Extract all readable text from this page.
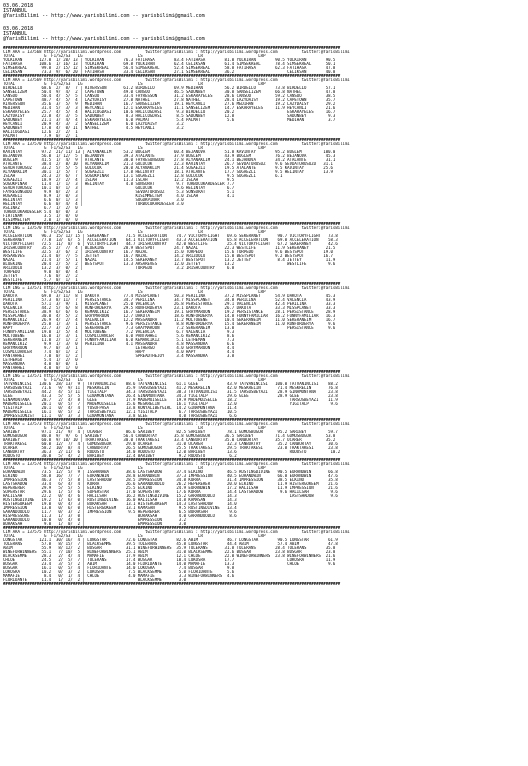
03.06.2018
ISTANBUL
@YarisBilimi -- http://www.yarisbilimi.com -- yarisbilimi@gmail.com
03.06.2018
ISTANBUL
@YarisBilimi -- http://www.yarisbilimi.com -- yarisbilimi@gmail.com
############################################################################################################################################
CIM ARA = 137568 http://yarisbilimi.wordpress.com          twitter:@YarisBilimi : http://yarisbilimi.wordpress.com          twitter:@YarisBilimi
TOTAL            G  F1/S2/S3   LG                       LS                       LR                       LRP
YOLKIRAN       127.0  1/ 20/ 13 | YOLKIRAN        76.3 FATIHASA        83.4 FATIHASA        81.0 YOLKIRAN        90.5 YOLKIRAN        90.5
FATIHASA       108.6  1/ 16/ 13 | YOLKIRAN        69.8 YOLKIRAN        62.4 CELIKSAN        61.4 SIMSEKREAL      78.4 SIMSEKREAL      50.1
SIMSEKREAL      99.8  2/ 15/ 12 | SIMSEKREAL      56.4 SIMSEKREAL      52.4 SIMSEKREAL      58.8 FATIHASA        62.3 FATIHASA        47.8
CELIKSAN        73.3  9/  6/ 20 | FATIHASA        33.4 CELIKSAN        27.1 SIMSEKREAL      36.2                      CELIKSAN        40.8
############################################################################################################################################
CIM ARA = 137569 http://yarisbilimi.wordpress.com          twitter:@YarisBilimi : http://yarisbilimi.wordpress.com          twitter:@YarisBilimi
TOTAL            G  F1/S2/S3   LG                       LS                       LR                       LRP
BIRDELLO        68.6  2/  8/  7 | RIVERSSON       61.2 BIRDELLO        69.9 MEDIHAN         56.2 BIRDELLO        73.8 BIRDELLO        57.1
SANSELIZEM      50.4  9/  4/  2 | CAPETOWN        49.0 CANSUO          46.5 SADUNBEY        30.8 SANSELIZEM      66.8 NATHEL          47.8
CANSUO          50.4  4/  5/  5 | CANSUO          33.4 FAYRESSON       31.2 ESKARAYELES     28.6 CANSUO          59.2 CANSUO          38.5
CAPETOWN        48.7  4/  5/  4 | LAZYDAISY       27.8 NATHEL          27.8 NATHEL          28.4 LAZYDAISY       19.2 CAPETOWN        35.7
RIVERSSON       35.6  3/  5/  9 | MEDIHAN         16.7 SANSELIZEM      19.1 HEYCANLI        27.6 MEDIHAN         19.2 LAZYDAISY       29.2
MEDIHAN         31.4  5/  3/  3 | HEYCANLI        12.1 ESKARAYELES     11.1 SANSELIZEM      14.7 ESKARAYELES     11.9 HEYCANLI        21.6
ESKARAYELES     25.7  4/  5/  4 | HALICOGDASI     10.6 HALICOGDASI      9.3 BIRDELLO        20.2                      ESKARAYELES     16.7
LAZYDAISY       22.8  4/  3/  5 | SADUNBEY         8.3 HALICOGDASI      8.5 SADUNBEY        12.8                      SADUNBEY         9.3
SADUNBEY        21.1  3/  4/  4 | ESKARAYELES      6.0 PALMAT           5.4 PALMAT           5.6                      MEDIHAN          3.7
HEYCANLI        20.9  4/  3/  2 | SANSELIZEM       6.0 LAZYDAISY        3.2
SADUNBEY        17.0  4/  0/ 11 | NATHEL           4.5 HEYCANLI         3.2
HALICOGDASI     12.6  2/  2/  1
PALMAT           7.9  0/  2/  1
############################################################################################################################################
CIM ARA = 137570 http://yarisbilimi.wordpress.com          twitter:@YarisBilimi : http://yarisbilimi.wordpress.com          twitter:@YarisBilimi
TOTAL            G  F1/S2/S3   LG                       LS                       LR                       LRP
KAVINTAY        97.2  21/ 11/ 13 | ALYANAKLIM     53.2 BUGLEM          60.4 BEJANOVA        51.8 KAVINTAY        95.2 BUGLEM         100.0
BEJANOVA        56.0  1/ 12/  5 | BEJANOVA        39.3 ATALANTE        37.9 BUGLEM          43.9 BUGLEM          76.2 BEJANOVA        45.3
BUGLEM          41.5  1/  4/  9 | ATALANTE        38.0 FAYRESUNGUDU    27.8 ALYANAKLIM      24.1 BEJANOVA        34.2 ATALANTE        31.1
ATALANTE        38.4  2/  8/ 10 | ALYANAKLIM      21.3 GULUCUK         22.3 KAVINTAY        26.7 SEVDATURUSUZ    9.6 SEVDATURUSUZU   31.1
SEVDATURUSUZ    33.2  5/  5/  5 | GULUCUK         20.0 ALYANAKLIM      21.4 SUGAEZLI        19.5 ATALANTE        9.5 KAVINTAY        25.6
ALYANAKLIM      30.1  1/  5/  7 | SUGAEZLI        17.8 HELINTAY        18.1 ATALANTE        17.7 SUGAEZLI        9.5 HELINTAY        13.9
ISLAH           24.3  2/  6/  7 | SOGUKPINAR      13.1 SUGAEZLI        12.8 GULUCUK          9.5 SUGAEZLI        6.1
SUGAEZLI        18.9  2/  2/  4 | ISLAH           11.3 ISLAH           12.2 ISLAH            9.5
SOGUKPINAR      11.4  1/  1/  3 | HELINTAY         4.8 SONSURAT         9.7 TURBOCUKARDESLER 7.7
SEVDATURUSUZ    10.1  0/  1/  3 |                      GULUCUK          9.6 HELINTAY         6.7
FAYRESUNGUDU     9.9  0/  2/  3 |                      SEVDATURUSUZ     5.3 SONSURAT         5.1
HUGARELI         8.9  1/  0/  3 |                      KISIMMELTEM      4.0 ISLAH            4.1
HELINTAY         6.6  0/  1/  3 |                      SOGUKPINAR       3.0
HELINTAY         6.6  0/  4/  4 |                      TURBOCUKARDESLER 3.0
ASLINAZ          6.7  1/  2/  0
TURBOCUKARDESLER 5.4  0/  0/  3
FIRTINAM         3.5  1/  0/  0
KISIMMELTEM      2.0  1/  0/  0
############################################################################################################################################
CIM ING = 137570 http://yarisbilimi.wordpress.com          twitter:@YarisBilimi : http://yarisbilimi.wordpress.com          twitter:@YarisBilimi
TOTAL            G  F1/S2/S3   LG                       LS                       LR                       LRP
ACCELERATION    96.3  15/ 12/ 15 | SEKERANEY       71.5 ACCELERATION    74.7 VICTORYFLIGHT   69.6 SEKERANEY       90.7 VICTORYFLIGHT   73.8
SEKERANEY       77.8  13/  6/  5 | ACCELERATION    64.1 VICTORYFLIGHT   43.3 ACCELERATION    65.8 ACCELERATION    69.0 ACCELERATION    58.3
VICTORYFLIGHT   72.5  11/  8/  6 | VICTORYFLIGHT   44.7 IRISHCOUNTRY    42.0 WESTLIFE        25.4 VICTORYFLIGHT   67.2 SEKERANEY       42.6
IRISHCOUNTRY    35.5  2/  7/  4 | BLUEKING        28.9 BESTSPOT        24.7 NAZAL           22.3 WESTLIFE        11.9 SEKERANEY       21.5
WESTLIFE        32.5  3/  6/  2 | IRISHCOUNTRY    16.7 NAZAL           15.0 TORPEDO         15.6 TORPEDO         9.6 BESTSPOT        19.0
ARSAREVES       21.4  0/  7/  5 | JETTEY          16.7 NAZAL           14.2 ARIZOOLU        15.0 BESTSPOT        9.2 BESTSPOT        16.7
NAZAL           21.4  1/  5/  1 | NAZAL           14.5 SEKERANEY       13.7 BESTSPOT        13.2 JETTEY           8.4 JETTEY          11.9
BLUEKING        20.4  2/  5/  2 | BESTSPOT        13.3 ARSAREVES       12.0 JETTEY          13.2                      WESTLIFE         9.6
ARIZOOLU        13.2  3/  0/  2 |                      TORPEDO          3.2 IRISHCOUNTRY     6.8
TORPEDO          9.0  0/  0/  4
JETTEY           7.6  0/  2/  2
WESTLIFE         5.7  0/  1/  1
############################################################################################################################################
CIM ING = 137571 http://yarisbilimi.wordpress.com          twitter:@YarisBilimi : http://yarisbilimi.wordpress.com          twitter:@YarisBilimi
TOTAL            G  F1/S2/S3   LG                       LS                       LR                       LRP
DAKOTA          69.8  3/ 11/  8 | DAKOTA          77.4 MISSPLANET      50.3 PERILINA        37.2 MISSPLANET      54.9 DAKOTA          45.3
PERILINA        57.3  8/ 11/  7 | PERSISTANCE     34.7 PERILINA        34.7 MISSPLANET      34.8 PERILINA        52.4 VALENCIA        43.9
DAKOTA          57.1  3/  9/  1 | MISSPLANET      25.0 VALENCIA        26.8 PERSISTANCE     29.1 VALENCIA        42.4 PERILINA        33.3
VALENCIA        44.2  5/  6/  8 | RUNFORDERYA     29.5 RUNFORDERYA     23.1 DAKOTA          26.7 DAKOTA          33.3 MISSPLANET      33.3
PERSISTANCE     38.9  6/  6/  6 | KEMANCIKIZ      16.7 SEKERANEIM      19.1 GRAYMAROON      19.2 PERSISTANCE     28.1 PERSISTANCE     28.9
MISSPLANET      30.0  4/  5/  2 | GRAYMAROON      12.7 DAKOTA          18.6 RUNFORDERYA     14.8 FUNNYFAMILIAR   16.2 FUNNYFAMILIAR   16.3
KEMANCIKIZ      26.9  4/  2/  4 | VALENCIA        12.2 MASSANDRA       11.2 MOLTOBENE       10.4 SEKERANEIM      11.0 SEKERANEIM      16.7
RUNFORDERYA     25.8  1/  3/  1 | PERSISTANCE      9.6 PERSISTANCE      8.8 RUNFORDERYA     15.4 SEKERANEIM      11.0 RUNFORDERYA      9.6
HAPY            22.7  3/  2/  1 | SEKERANEIM       7.3 GRAYMAROON       7.2 SEKERANEIM      13.0                      PERSISTANCE      9.6
FUNNYFAMILIAR   19.0  1/  5/  4 | MOLTOBENE        7.2 VALENCIA         6.7 VALENCIA         9.3
MOLTOBENE       16.0  1/  3/  1 | COSMICDANCER     6.0 PANTAHHEI        5.6 KEMANCIKIZ       8.6
SEKERANEIM      11.0  2/  1/  2 | FUNNYFAMILIAR    6.0 KEMANCIKIZ       5.1 LETHEMAN         7.3
KEMANCIKIZ       9.9  1/  3/  0 | PERILINA         4.1 MASSANDRA        4.8 MASSANDRA        6.6
GRAYMAROON       9.7  0/  3/  1 |                      LETHERGO         4.0 GRAYMAROON       4.4
COSMICDANCER     7.4  0/  1/  2 |                      HAPY             4.0 HAPY             4.4
PANTAHHEI        7.0  0/  1/  2 |                      SPREADTHEJOY     3.4 MASSANDRA        3.8
LETHERGO         5.4  1/  2/  0
MASSANDRA        4.0  0/  0/  1
PANTAHHEI        4.0  0/  1/  0
############################################################################################################################################
CIM ING = 137571 http://yarisbilimi.wordpress.com          twitter:@YarisBilimi : http://yarisbilimi.wordpress.com          twitter:@YarisBilimi
TOTAL            G  F1/S2/S3   LG                       LS                       LR                       LRP
TATVANINCISI   130.6  28/ 13/  9 | TATVANINCISI    88.6 TATVANINCISI    61.1 GLEE            43.9 TATVANINCISI   100.0 TATVANINCISI    88.2
TARSUSBEYAZI    71.6   9/  9/ 11 | MESKRELIN       35.9 TARSUSBEYAZI    41.2 MESKRELIN       42.0 MESKRELIN       71.4 MESKRELIN       76.8
TARSUSBEYAZI    44.2   4/  5/ 11 | YIGITALP        34.3 TARSUSBEYAZI    38.3 TATVANINCISI    31.5 TARSUSBEYAZI    28.9 GINAMONTANA     23.8
GLEE            43.3   5/  5/  5 | GINAMONTANA     26.4 GINAMONTANA     34.3 YIGITALP        29.6 GLEE            28.9 GLEE            23.8
GINAMONTANA     28.7   2/  4/  8 | GLEE            17.9 MADEMOISELLE    19.9 MADEMOISELLE    18.2                      TARSUSBEYAZI    11.9
MADEMOISELLE    20.1   0/  5/  7 | MADEMOISELLE    15.6 MESKRELIN       16.1 YIGITALP        12.0                      YIGITALP         9.6
YIGITALP        20.1   0/  4/  4 | YUSUFPASA       13.8 KONYALIBEYGIRL  14.2 GINAMONTANA     11.4
MADEMOISELLE    16.1   0/  5/  2 | TARSUSBEYAZI    12.1 YIGITALP         6.7 TARSUSBEYAZI    10.5
IMPRESSIONIST   11.1   0/  3/  3 | GINAMONTANA      3.8 GLEE             4.0 TARSUSBEYAZI     6.6
############################################################################################################################################
CIM ARA = 137573 http://yarisbilimi.wordpress.com          twitter:@YarisBilimi : http://yarisbilimi.wordpress.com          twitter:@YarisBilimi
TOTAL            G  F1/S2/S3   LG                       LS                       LR                       LRP
SARIBEY         97.1  21/  9/  4 | UCARER          86.6 SARIBEY         82.5 SARIBEY         78.1 GUMUSBUGUR      95.2 SARIBEY         59.7
GUMUSBUGUR      80.8  9/  9/  6 | SARIBEY         56.4 CANBURTAY       35.8 GUMUSBUGUR      36.5 SARIBEY         71.4 GUMUSBUGUR      53.8
BARIBEY         60.0  9/ 10/ 10 | TRAKTAKESI      30.0 TRAKTAKESI      33.4 CANBURTAY       35.0 CANBURTAY       35.7 UCARER          35.2
TRAKTAKESI      60.0  12/  7/  4 | GUMUSBUGUR      29.0 UCARER          31.0 UCARER          32.3 CANBURTAY       35.2 CANBURTAY       30.6
UCARER          58.2  10/  8/  4 | CANBURTAY       26.5 GUMUSBUGUR      25.5 TRAKTAKESI      29.5 TRAKTAKESI      23.8 TRAKTAKESI      23.8
CANBURTAY       36.3   2/ 11/  6 | RODOSTO         14.0 RODOSTO         12.0 BARIBEY         13.6                      RODOSTO          10.2
RODOSTO         30.0   5/  4/  2 | BARIBEY         12.4 BARIBEY          9.2 RODOSTO          6.2
############################################################################################################################################
CIM ARA = 137574 http://yarisbilimi.wordpress.com          twitter:@YarisBilimi : http://yarisbilimi.wordpress.com          twitter:@YarisBilimi
TOTAL            G  F1/S2/S3   LG                       LS                       LR                       LRP
EURANDWIN       73.5  12/  5/  9 | ISSHANABA       38.6 LASTSHADOW      37.4 ELKINO          46.5 RUSTINGDIVINE   90.5 EURANDWIN       66.8
ELKINO          58.8  16/  7/  7 | EURANDWIN       28.8 EURANDWIN       37.3 IMPRESSION      40.5 EURANDWIN       66.8 EURANDWIN       47.6
IMPRESSION      46.3   7/  5/  8 | LASTSHADOW      28.5 IMPRESSION      34.8 KORRA           31.4 IMPRESSION      38.5 ELKINO          35.8
LASTSHADOW      33.4   6/  4/  4 | KORRA           26.6 GARANDOODLO     26.2 HEPERERER       20.0 ELKINO          11.9 HISTERGOKEEM    21.6
HEPERERER       29.9   5/  5/  5 | ELKINO          25.5 ELKINO          24.9 EURANDWIN       17.2 HALILSAH        11.9 IMPRESSION      21.6
SUPERSTAR       29.6   1/  5/  6 | SUPERSTAR       17.0 SUPERSTAR       17.6 KORRA           14.4 LASTSHADOW       9.6 HALILSAH         9.6
HALILSAH        22.2   0/  4/  6 | HALILSAH        16.2 RUSTINGDIVINE   15.2 GARANDOODLO     14.3                      LASTSHADOW       9.6
RUSTINGDIVINE   19.2   1/  6/  0 | RUSTINGDIVINE   16.0 HALILSAH        14.8 KAMASAN         14.3
HISTERGOKEEM    19.0   0/  4/  3 | BURAKSAH        13.1 HISTERGOKEEM    14.3 LASTSHADOW      14.0
IMPRESSION      13.0   0/  6/  0 | HISTERGOKEEM    13.1 KAMASAN          9.5 RUSTINGDIVINE   13.4
GARANDOODLO     11.7   0/  3/  2 | IMPRESSION       9.5 HEPERERER        6.5 BURAKSAH         9.6
HISPRESSURE     11.3   1/  3/  0 |                      BURAKSAH         4.0 GARANDOODLO      8.6
GARANDOODLO     10.0   0/  4/  0 |                      EMPRESSION       3.2
BURAKSAH         9.0   1/  0/  2 |                      EMPRESSION       3.0
############################################################################################################################################
CIM ARA = 137575 http://yarisbilimi.wordpress.com          twitter:@YarisBilimi : http://yarisbilimi.wordpress.com          twitter:@YarisBilimi
TOTAL            G  F1/S2/S3   LG                       LS                       LR                       LRP
LONGSTAR       121.1  30/ 16/  4 | LONGSTAR        72.6 LONGSTAR        82.6 ABIM            46.7 LONGSTAR        90.5 LONGSTAR        61.9
TOLERANS        57.8   8/ 15/  7 | BLACKSEMME      39.5 TOLERANS        45.8 LONGSTAR        44.4 ABIM            57.4 ABIM            47.8
ABIM            55.9   8/ 12/  2 | BUSGAR          31.1 WINEFORWINNERS  35.9 TOLERANS       31.8 TOLERANS        28.4 TOLERANS        35.8
WINEFORWINNERS  55.1   7/ 10/  5 | WINEFORWINNERS  25.1 ABIM            31.0 BLACKSEMME     22.6 BUSGAR          23.8 BUSGAR          23.8
BLACKSEMME      28.3   2/  4/  4 | MAMAFIE         17.9 ABIM            12.1 CHLOE          22.0 WINEFORWINNERS  23.8 WINEFORWINNERS  21.6
CHLOE           24.5   2/  5/  7 | TOLERANS        17.4 BUSGAR          10.4 LOKOSRA        17.7                      LOKOSRA         11.9
BUSGAR          23.4   3/  5/  2 | ABIM            14.0 FLORIDANTE      14.0 MAMAFIE        13.3                      CHLOE            9.6
BUSGAR          16.1   0/  5/  4 | FLORIDANTE      14.0 LOKOSRA          7.4 BUSGAR          9.8
LOKOSRA         10.2   0/  3/  2 | LOKOSRA          7.5 BLACKSEMME       5.0 FLORIDANTE      5.6
MAMAFIE          8.4   0/  1/  4 | CHLOE            4.0 MAMAFIE          3.3 WINEFORWINNERS  4.6
FLORIDANTE      11.4   1/  2/  2 |                      BLACKSEMME       3.0
############################################################################################################################################
